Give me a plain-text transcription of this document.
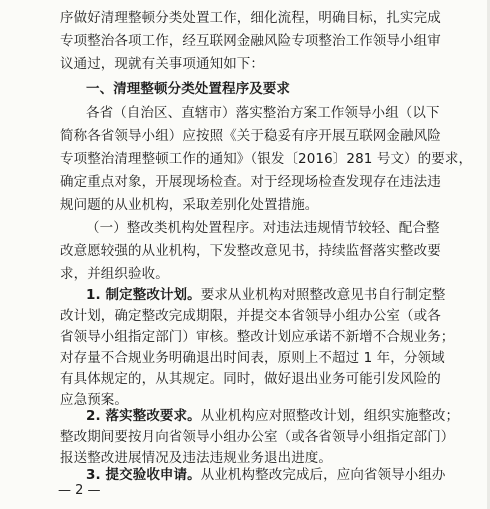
序做好清理整顿分类处置工作，细化流程，明确目标，扎实完成
专项整治各项工作，经互联网金融风险专项整治工作领导小组审
议通过，现就有关事项通知如下：
一、清理整顿分类处置程序及要求
各省（自治区、直辖市）落实整治方案工作领导小组（以下
简称各省领导小组）应按照《关于稳妥有序开展互联网金融风险
专项整治清理整顿工作的通知》（银发〔2016〕281 号文）的要求，
确定重点对象，开展现场检查。对于经现场检查发现存在违法违
规问题的从业机构，采取差别化处置措施。
（一）整改类机构处置程序。对违法违规情节较轻、配合整
改意愿较强的从业机构，下发整改意见书，持续监督落实整改要
求，并组织验收。
1. 制定整改计划。要求从业机构对照整改意见书自行制定整
改计划，确定整改完成期限，并提交本省领导小组办公室（或各
省领导小组指定部门）审核。整改计划应承诺不新增不合规业务；
对存量不合规业务明确退出时间表，原则上不超过 1 年，分领域
有具体规定的，从其规定。同时，做好退出业务可能引发风险的
应急预案。
2. 落实整改要求。从业机构应对照整改计划，组织实施整改；
整改期间要按月向省领导小组办公室（或各省领导小组指定部门）
报送整改进展情况及违法违规业务退出进度。
3. 提交验收申请。从业机构整改完成后，应向省领导小组办
— 2 —
